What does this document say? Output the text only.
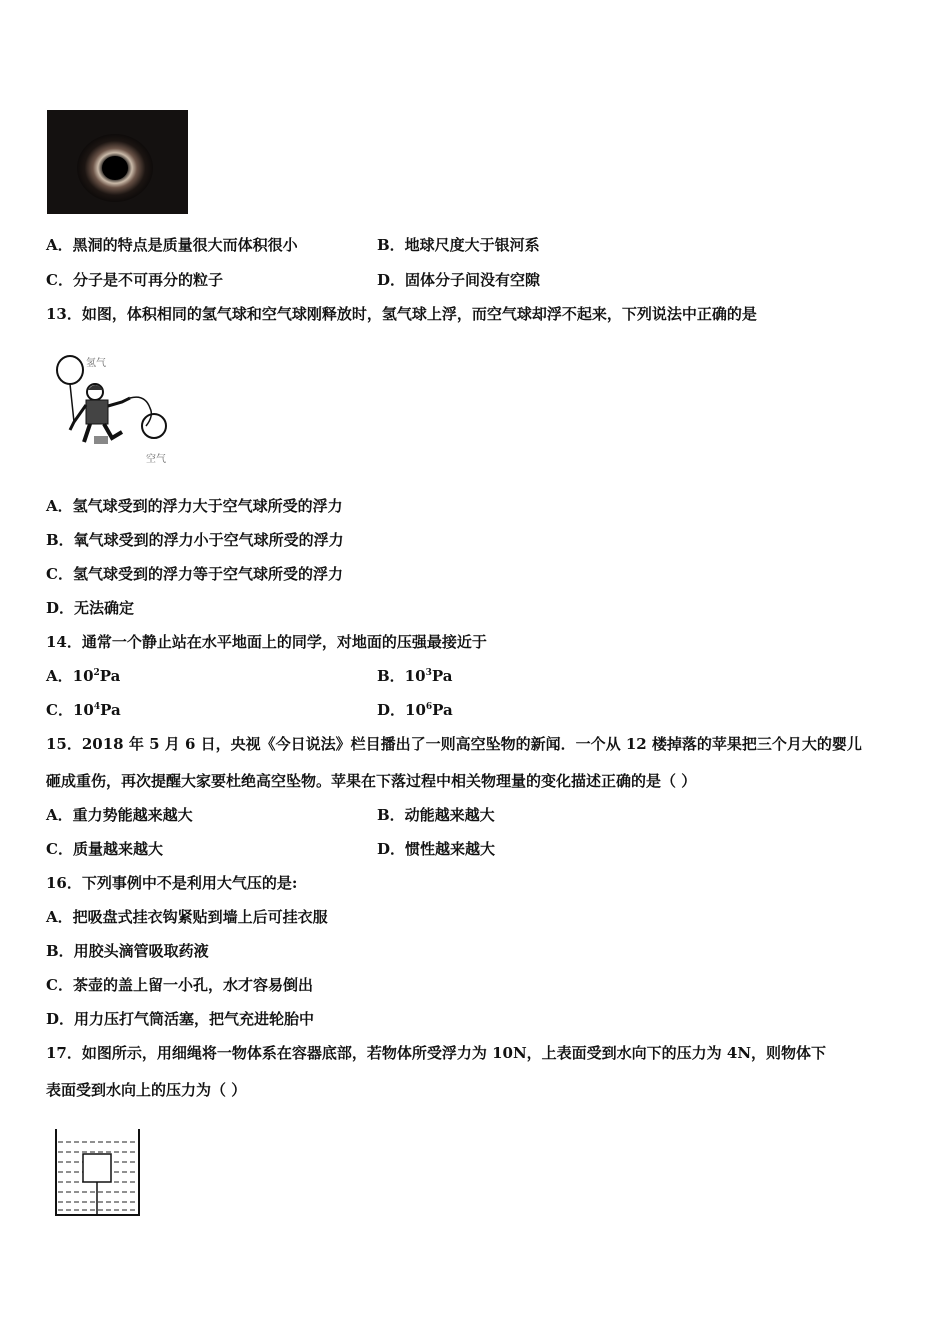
A．黑洞的特点是质量很大而体积很小	B．地球尺度大于银河系
C．分子是不可再分的粒子	D．固体分子间没有空隙
13．如图，体积相同的氢气球和空气球刚释放时，氢气球上浮，而空气球却浮不起来，下列说法中正确的是
氢气
空气
A．氢气球受到的浮力大于空气球所受的浮力
B．氧气球受到的浮力小于空气球所受的浮力
C．氢气球受到的浮力等于空气球所受的浮力
D．无法确定
14．通常一个静止站在水平地面上的同学，对地面的压强最接近于
A．$10^2Pa$	B．$10^3Pa$
C．$10^4Pa$	D．$10^6Pa$
15．2018 年 5 月 6 日，央视《今日说法》栏目播出了一则高空坠物的新闻．一个从 12 楼掉落的苹果把三个月大的婴儿
砸成重伤，再次提醒大家要杜绝高空坠物。苹果在下落过程中相关物理量的变化描述正确的是（ ）
A．重力势能越来越大	B．动能越来越大
C．质量越来越大	D．惯性越来越大
16．下列事例中不是利用大气压的是:
A．把吸盘式挂衣钩紧贴到墙上后可挂衣服
B．用胶头滴管吸取药液
C．茶壶的盖上留一小孔，水才容易倒出
D．用力压打气筒活塞，把气充进轮胎中
17．如图所示，用细绳将一物体系在容器底部，若物体所受浮力为 10N，上表面受到水向下的压力为 4N，则物体下
表面受到水向上的压力为（ ）
